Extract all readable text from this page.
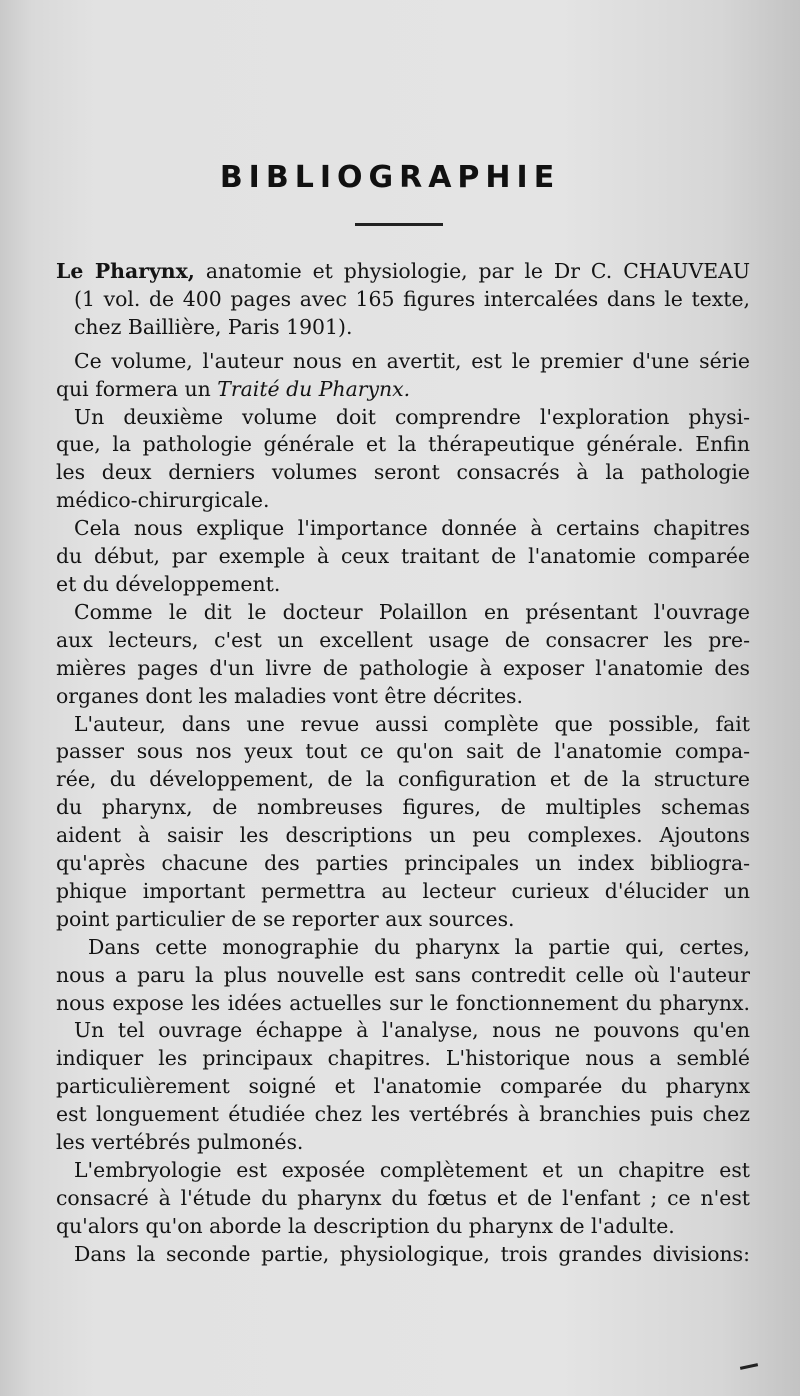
BIBLIOGRAPHIE
Le Pharynx, anatomie et physiologie, par le Dr C. CHAUVEAU
(1 vol. de 400 pages avec 165 figures intercalées dans le texte,
chez Baillière, Paris 1901).
Ce volume, l'auteur nous en avertit, est le premier d'une série
qui formera un Traité du Pharynx.
Un deuxième volume doit comprendre l'exploration physi-
que, la pathologie générale et la thérapeutique générale. Enfin
les deux derniers volumes seront consacrés à la pathologie
médico-chirurgicale.
Cela nous explique l'importance donnée à certains chapitres
du début, par exemple à ceux traitant de l'anatomie comparée
et du développement.
Comme le dit le docteur Polaillon en présentant l'ouvrage
aux lecteurs, c'est un excellent usage de consacrer les pre-
mières pages d'un livre de pathologie à exposer l'anatomie des
organes dont les maladies vont être décrites.
L'auteur, dans une revue aussi complète que possible, fait
passer sous nos yeux tout ce qu'on sait de l'anatomie compa-
rée, du développement, de la configuration et de la structure
du pharynx, de nombreuses figures, de multiples schemas
aident à saisir les descriptions un peu complexes. Ajoutons
qu'après chacune des parties principales un index bibliogra-
phique important permettra au lecteur curieux d'élucider un
point particulier de se reporter aux sources.
Dans cette monographie du pharynx la partie qui, certes,
nous a paru la plus nouvelle est sans contredit celle où l'auteur
nous expose les idées actuelles sur le fonctionnement du pharynx.
Un tel ouvrage échappe à l'analyse, nous ne pouvons qu'en
indiquer les principaux chapitres. L'historique nous a semblé
particulièrement soigné et l'anatomie comparée du pharynx
est longuement étudiée chez les vertébrés à branchies puis chez
les vertébrés pulmonés.
L'embryologie est exposée complètement et un chapitre est
consacré à l'étude du pharynx du fœtus et de l'enfant ; ce n'est
qu'alors qu'on aborde la description du pharynx de l'adulte.
Dans la seconde partie, physiologique, trois grandes divisions:
